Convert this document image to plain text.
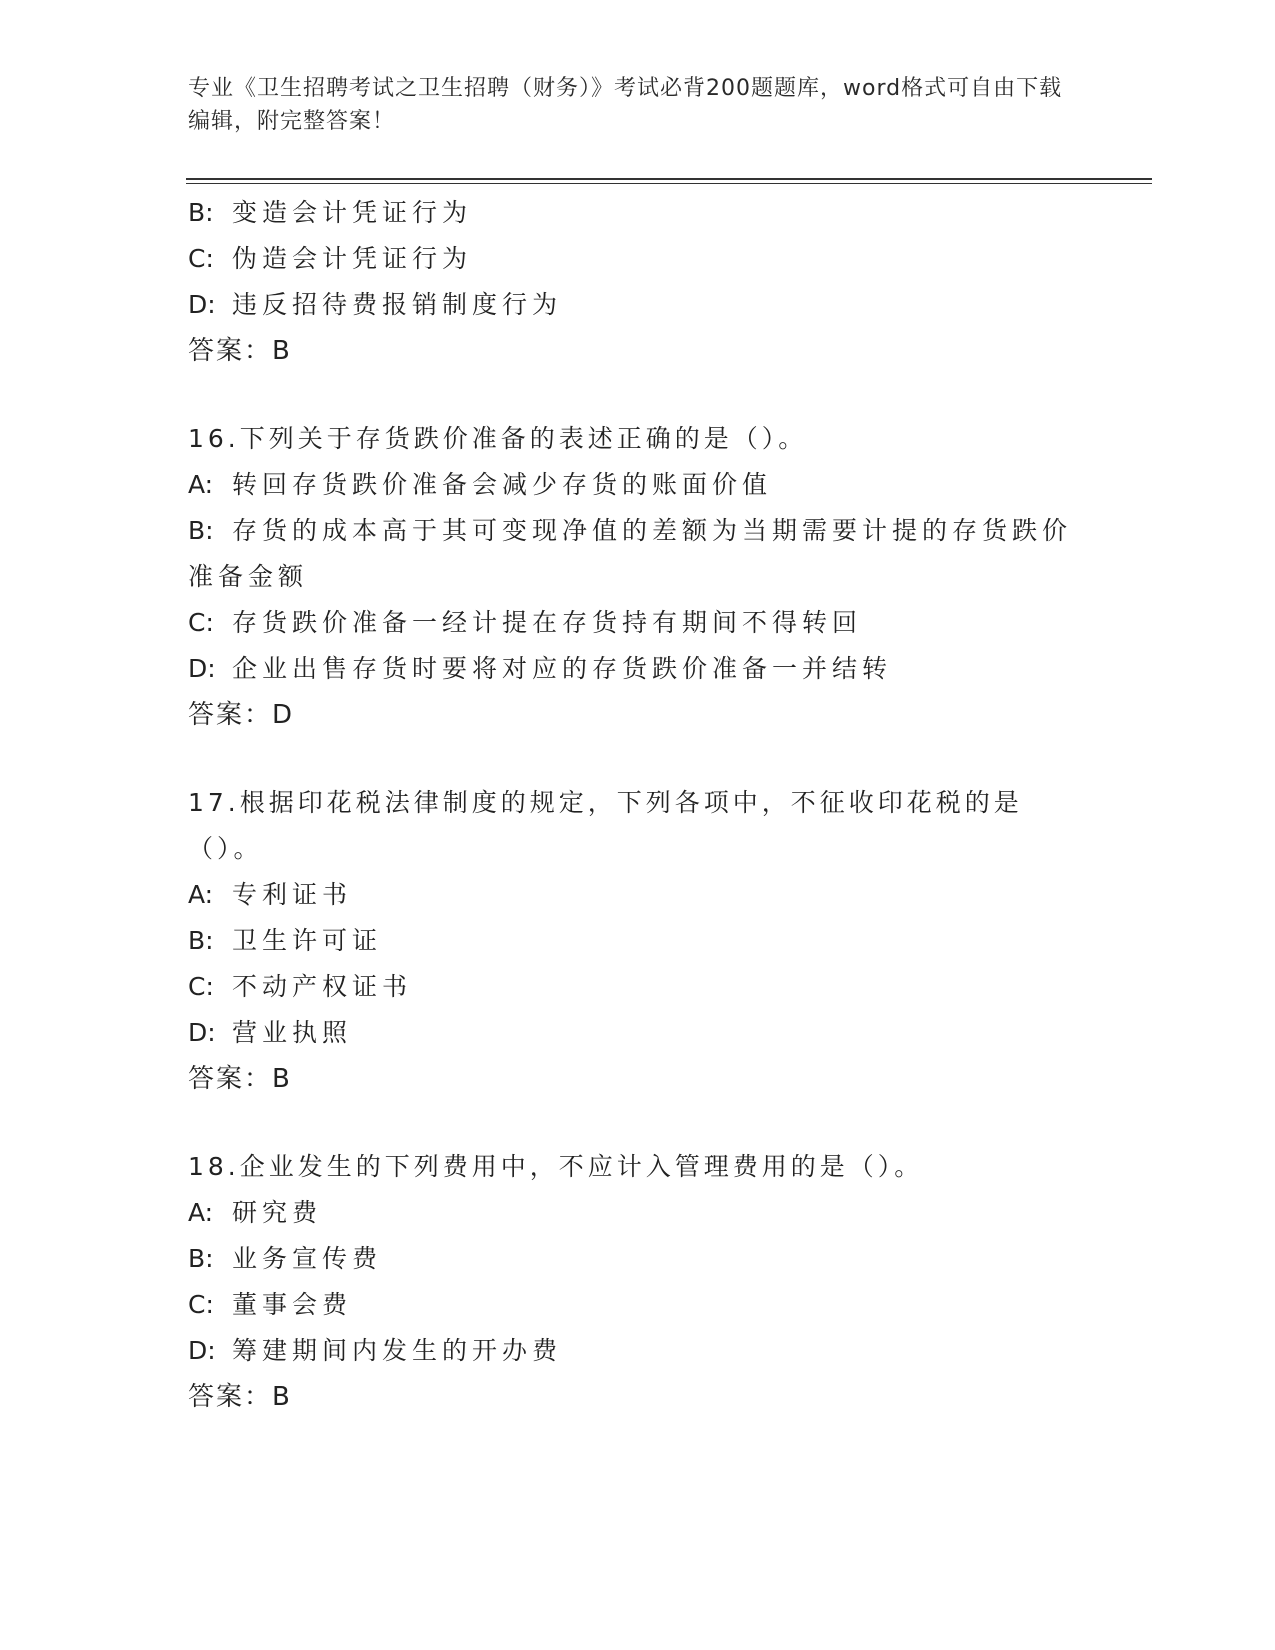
专业《卫生招聘考试之卫生招聘（财务）》考试必背200题题库，word格式可自由下载编辑，附完整答案！
B: 变造会计凭证行为
C: 伪造会计凭证行为
D: 违反招待费报销制度行为
答案：B
16.下列关于存货跌价准备的表述正确的是（）。
A: 转回存货跌价准备会减少存货的账面价值
B: 存货的成本高于其可变现净值的差额为当期需要计提的存货跌价准备金额
C: 存货跌价准备一经计提在存货持有期间不得转回
D: 企业出售存货时要将对应的存货跌价准备一并结转
答案：D
17.根据印花税法律制度的规定，下列各项中，不征收印花税的是（）。
A: 专利证书
B: 卫生许可证
C: 不动产权证书
D: 营业执照
答案：B
18.企业发生的下列费用中，不应计入管理费用的是（）。
A: 研究费
B: 业务宣传费
C: 董事会费
D: 筹建期间内发生的开办费
答案：B
